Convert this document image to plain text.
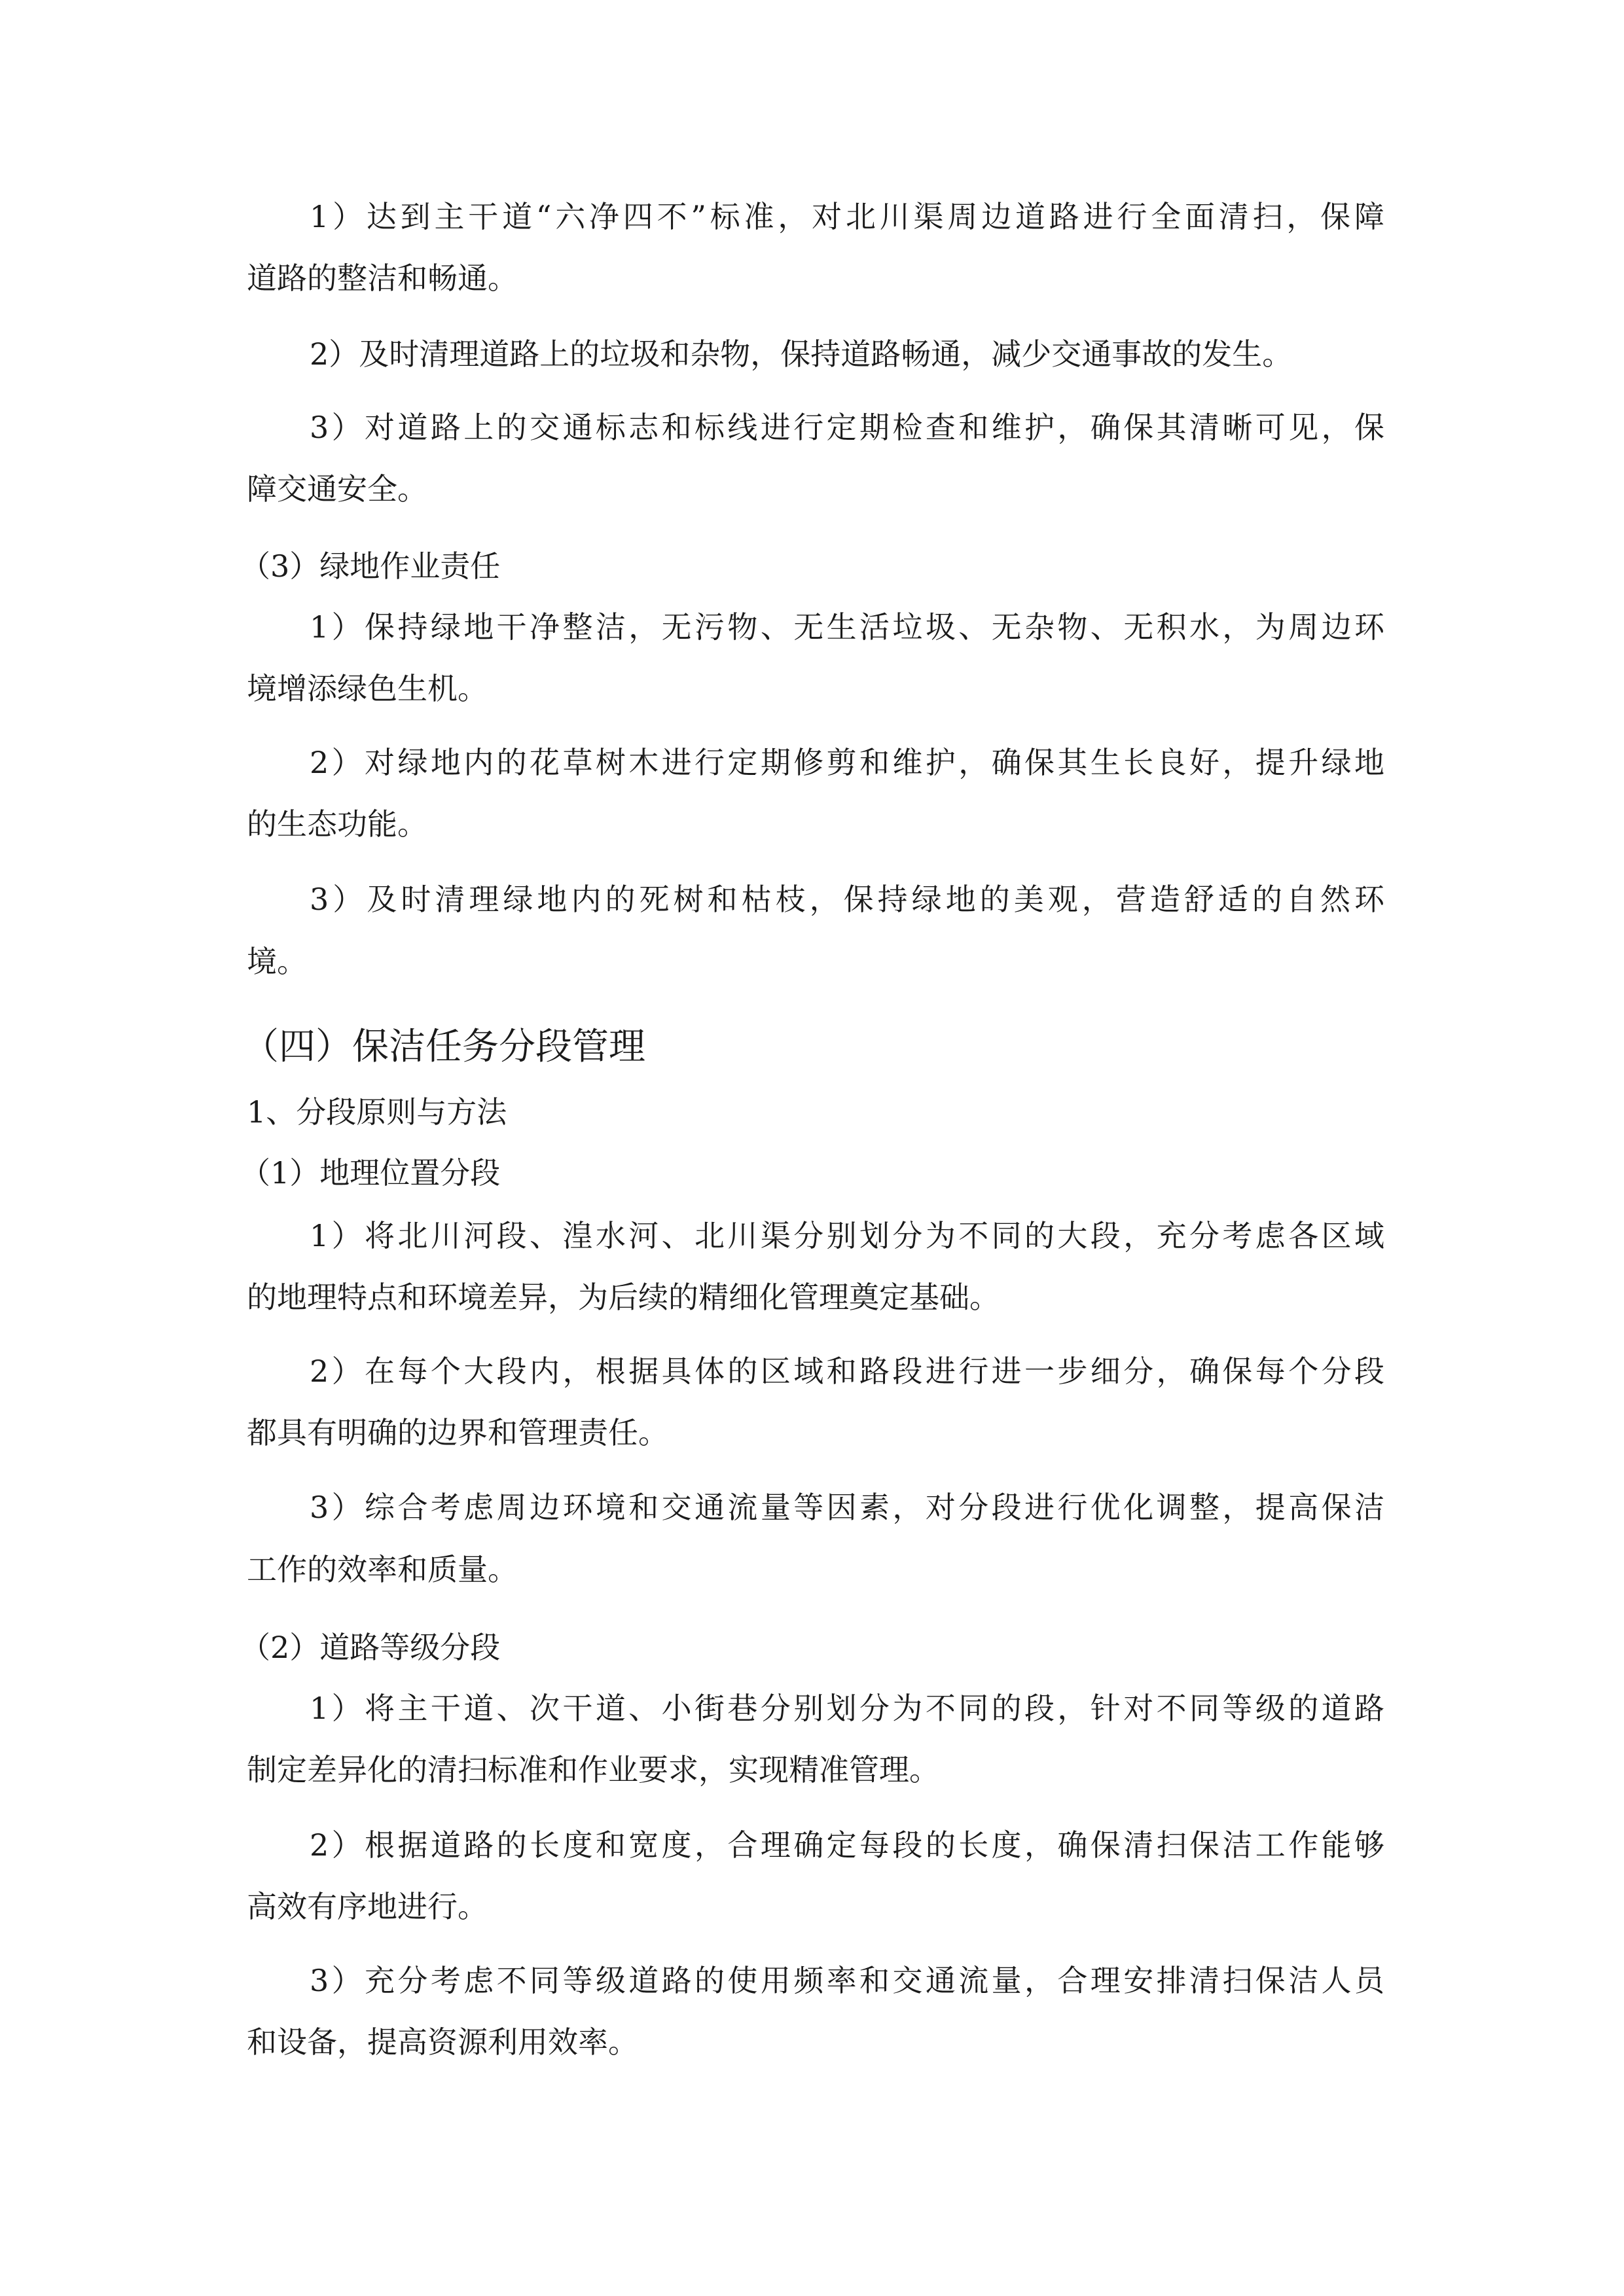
1）达到主干道“六净四不”标准，对北川渠周边道路进行全面清扫，保障
道路的整洁和畅通。
2）及时清理道路上的垃圾和杂物，保持道路畅通，减少交通事故的发生。
3）对道路上的交通标志和标线进行定期检查和维护，确保其清晰可见，保
障交通安全。
（3）绿地作业责任
1）保持绿地干净整洁，无污物、无生活垃圾、无杂物、无积水，为周边环
境增添绿色生机。
2）对绿地内的花草树木进行定期修剪和维护，确保其生长良好，提升绿地
的生态功能。
3）及时清理绿地内的死树和枯枝，保持绿地的美观，营造舒适的自然环
境。
（四）保洁任务分段管理
1、分段原则与方法
（1）地理位置分段
1）将北川河段、湟水河、北川渠分别划分为不同的大段，充分考虑各区域
的地理特点和环境差异，为后续的精细化管理奠定基础。
2）在每个大段内，根据具体的区域和路段进行进一步细分，确保每个分段
都具有明确的边界和管理责任。
3）综合考虑周边环境和交通流量等因素，对分段进行优化调整，提高保洁
工作的效率和质量。
（2）道路等级分段
1）将主干道、次干道、小街巷分别划分为不同的段，针对不同等级的道路
制定差异化的清扫标准和作业要求，实现精准管理。
2）根据道路的长度和宽度，合理确定每段的长度，确保清扫保洁工作能够
高效有序地进行。
3）充分考虑不同等级道路的使用频率和交通流量，合理安排清扫保洁人员
和设备，提高资源利用效率。
